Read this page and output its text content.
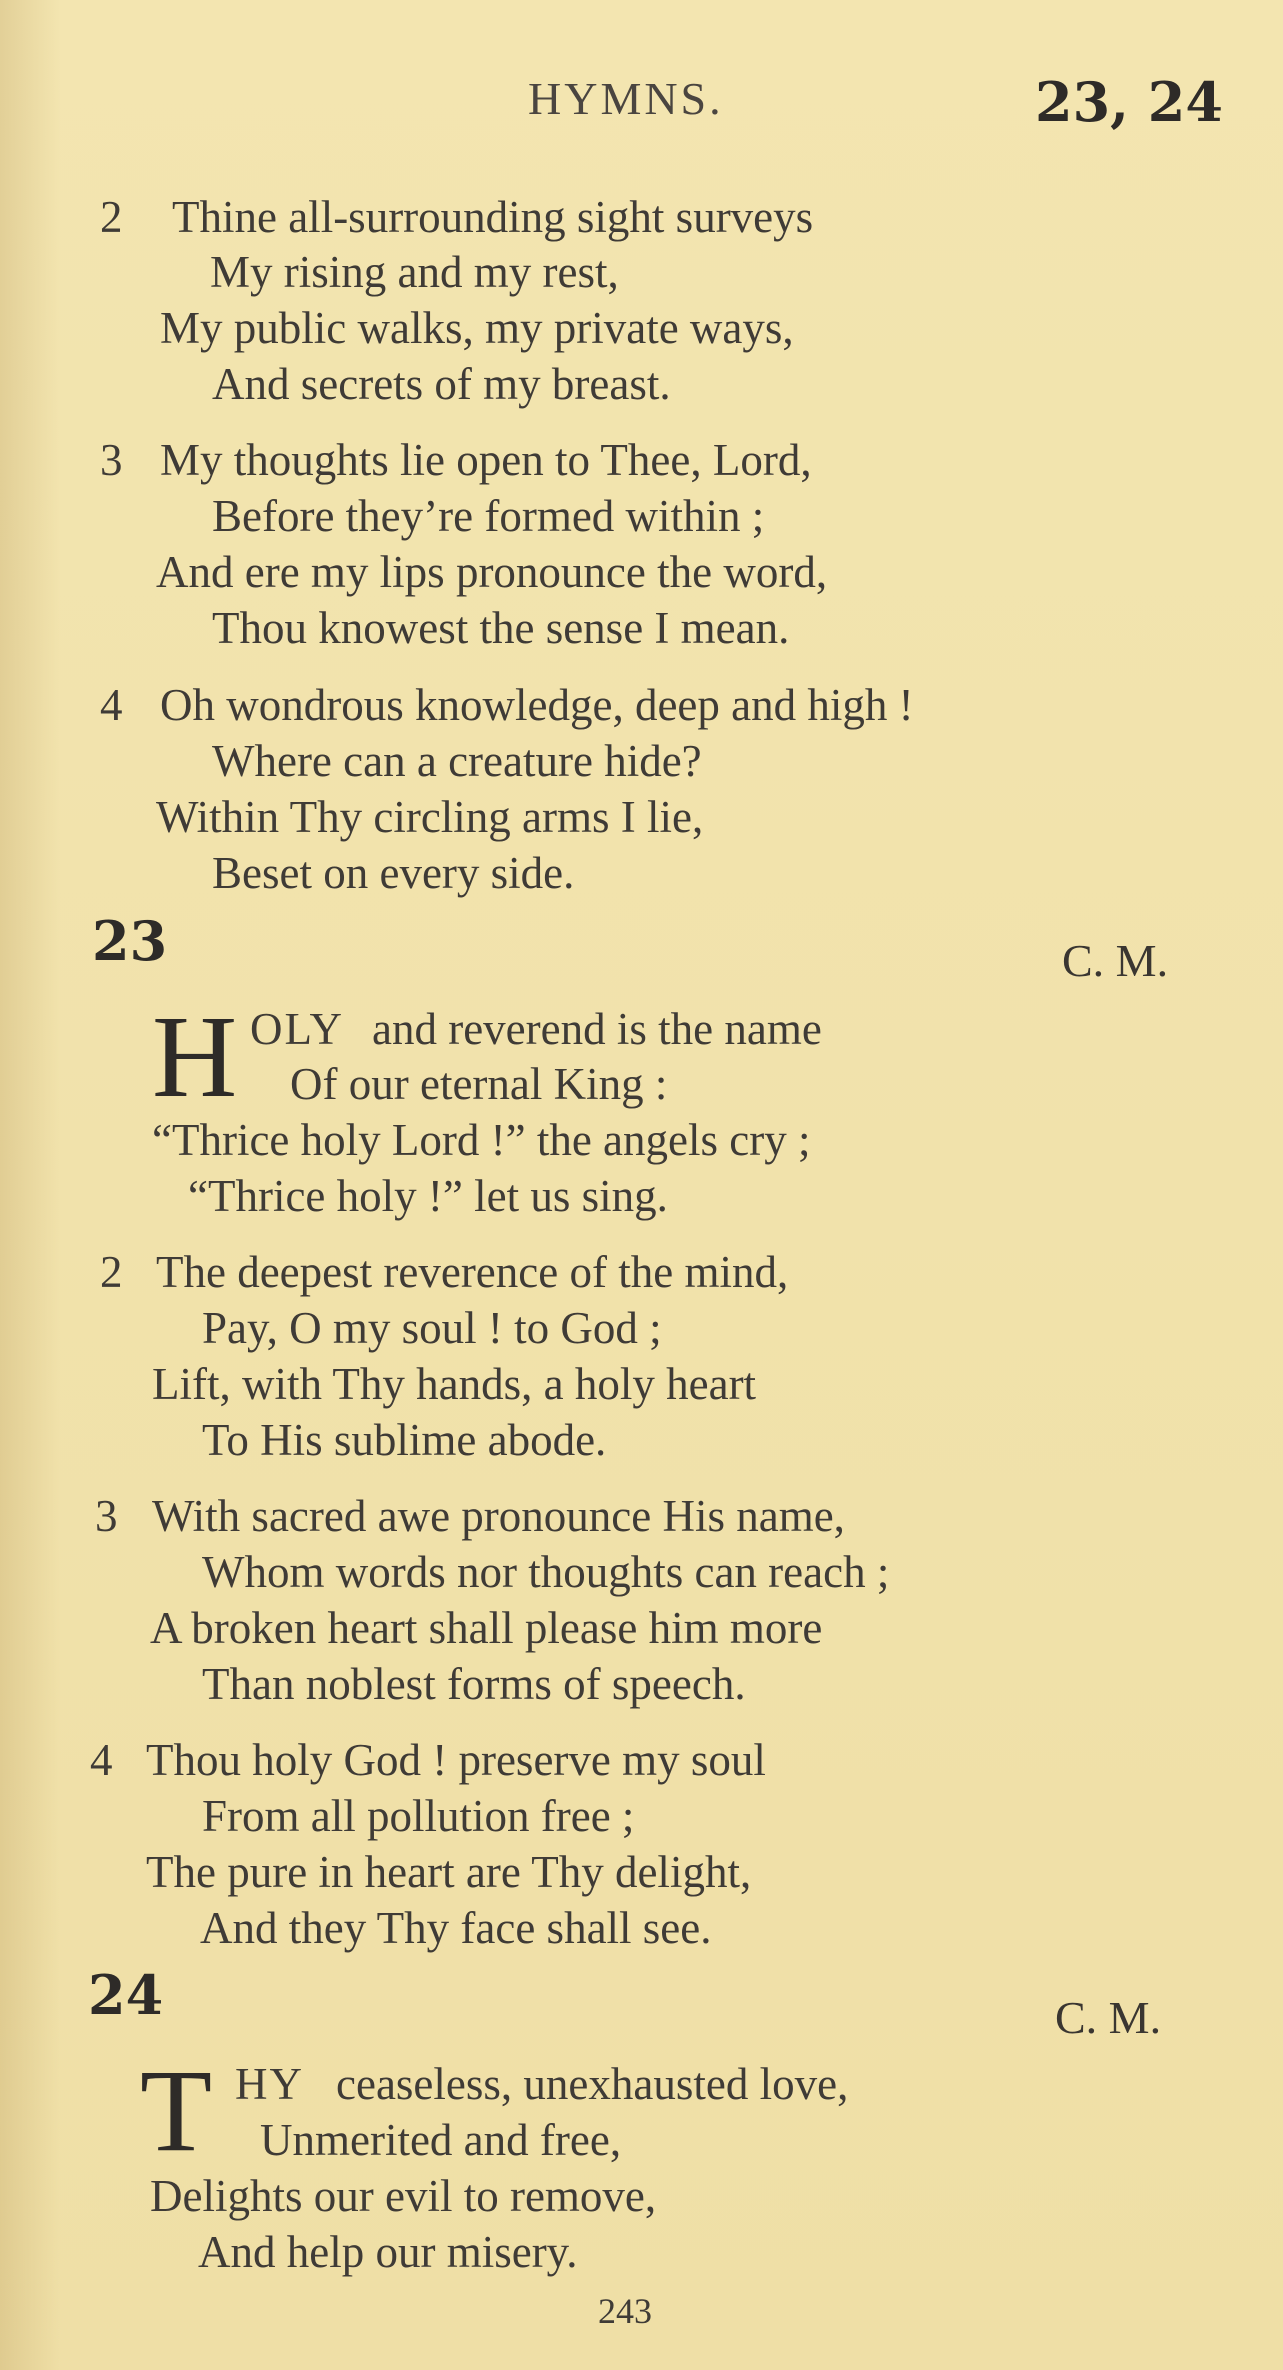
HYMNS.	23, 24
2 Thine all-surrounding sight surveys
My rising and my rest,
My public walks, my private ways,
And secrets of my breast.
3 My thoughts lie open to Thee, Lord,
Before they’re formed within ;
And ere my lips pronounce the word,
Thou knowest the sense I mean.
4 Oh wondrous knowledge, deep and high !
Where can a creature hide?
Within Thy circling arms I lie,
Beset on every side.
23	C. M.
H OLY and reverend is the name
Of our eternal King :
“Thrice holy Lord !” the angels cry ;
“Thrice holy !” let us sing.
2 The deepest reverence of the mind,
Pay, O my soul ! to God ;
Lift, with Thy hands, a holy heart
To His sublime abode.
3 With sacred awe pronounce His name,
Whom words nor thoughts can reach ;
A broken heart shall please him more
Than noblest forms of speech.
4 Thou holy God ! preserve my soul
From all pollution free ;
The pure in heart are Thy delight,
And they Thy face shall see.
24	C. M.
T HY ceaseless, unexhausted love,
Unmerited and free,
Delights our evil to remove,
And help our misery.
243
